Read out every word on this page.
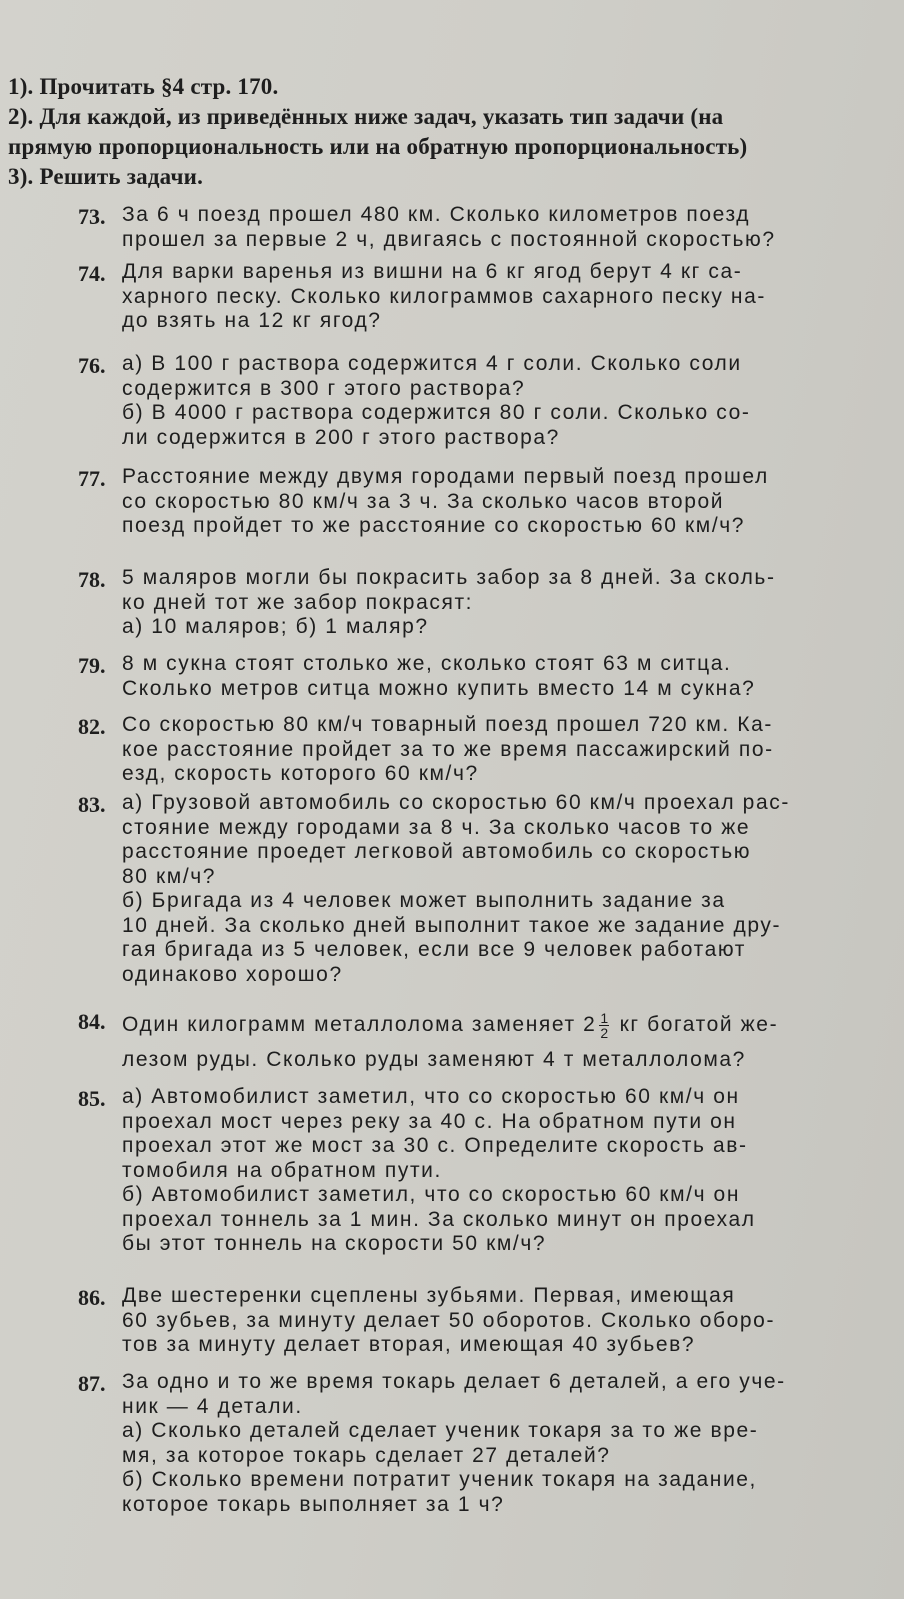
1). Прочитать §4 стр. 170.

2). Для каждой, из приведённых ниже задач, указать тип задачи (на

прямую пропорциональность или на обратную пропорциональность)

3). Решить задачи.

73. За 6 ч поезд прошел 480 км. Сколько километров поезд
прошел за первые 2 ч, двигаясь с постоянной скоростью?
74. Для варки варенья из вишни на 6 кг ягод берут 4 кг са-
харного песку. Сколько килограммов сахарного песку на-
до взять на 12 кг ягод?
76. а) В 100 г раствора содержится 4 г соли. Сколько соли
содержится в 300 г этого раствора?
б) В 4000 г раствора содержится 80 г соли. Сколько со-
ли содержится в 200 г этого раствора?
77. Расстояние между двумя городами первый поезд прошел
со скоростью 80 км/ч за 3 ч. За сколько часов второй
поезд пройдет то же расстояние со скоростью 60 км/ч?
78. 5 маляров могли бы покрасить забор за 8 дней. За сколь-
ко дней тот же забор покрасят:
а) 10 маляров; б) 1 маляр?
79. 8 м сукна стоят столько же, сколько стоят 63 м ситца.
Сколько метров ситца можно купить вместо 14 м сукна?
82. Со скоростью 80 км/ч товарный поезд прошел 720 км. Ка-
кое расстояние пройдет за то же время пассажирский по-
езд, скорость которого 60 км/ч?
83. а) Грузовой автомобиль со скоростью 60 км/ч проехал рас-
стояние между городами за 8 ч. За сколько часов то же
расстояние проедет легковой автомобиль со скоростью
80 км/ч?
б) Бригада из 4 человек может выполнить задание за
10 дней. За сколько дней выполнит такое же задание дру-
гая бригада из 5 человек, если все 9 человек работают
одинаково хорошо?
84. Один килограмм металлолома заменяет $2 \frac{1}{2}$ кг богатой же-
лезом руды. Сколько руды заменяют 4 т металлолома?
85. а) Автомобилист заметил, что со скоростью 60 км/ч он
проехал мост через реку за 40 с. На обратном пути он
проехал этот же мост за 30 с. Определите скорость ав-
томобиля на обратном пути.
б) Автомобилист заметил, что со скоростью 60 км/ч он
проехал тоннель за 1 мин. За сколько минут он проехал
бы этот тоннель на скорости 50 км/ч?
86. Две шестеренки сцеплены зубьями. Первая, имеющая
60 зубьев, за минуту делает 50 оборотов. Сколько оборо-
тов за минуту делает вторая, имеющая 40 зубьев?
87. За одно и то же время токарь делает 6 деталей, а его уче-
ник — 4 детали.
а) Сколько деталей сделает ученик токаря за то же вре-
мя, за которое токарь сделает 27 деталей?
б) Сколько времени потратит ученик токаря на задание,
которое токарь выполняет за 1 ч?
